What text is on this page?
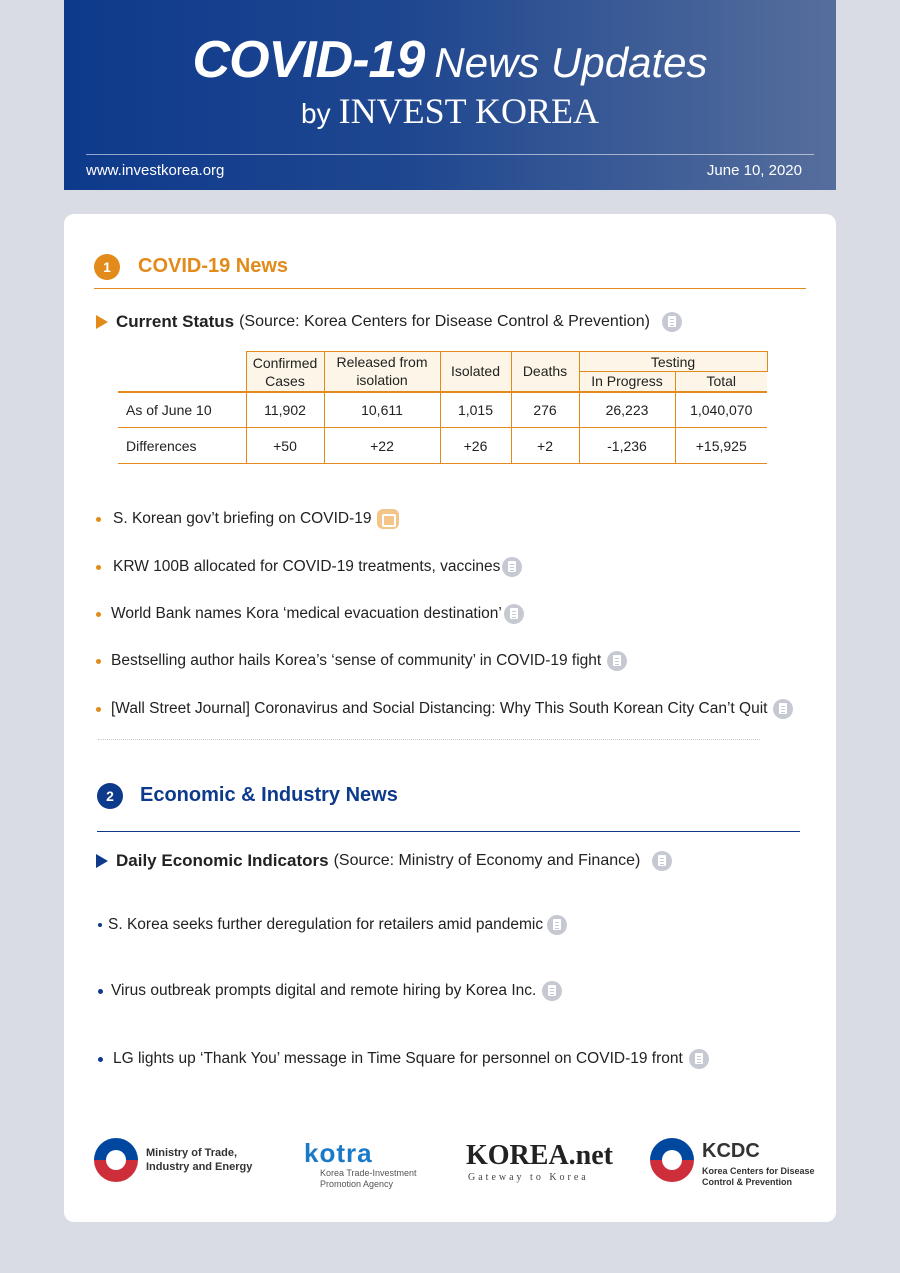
COVID-19 News Updates
by INVEST KOREA
www.investkorea.org	June 10, 2020
1	COVID-19 News
Current Status (Source: Korea Centers for Disease Control & Prevention)
	Confirmed Cases	Released from isolation	Isolated	Deaths	Testing	
					In Progress	Total
As of June 10	11,902	10,611	1,015	276	26,223	1,040,070
Differences	+50	+22	+26	+2	-1,236	+15,925
S. Korean gov’t briefing on COVID-19
KRW 100B allocated for COVID-19 treatments, vaccines
World Bank names Kora ‘medical evacuation destination’
Bestselling author hails Korea’s ‘sense of community’ in COVID-19 fight
[Wall Street Journal] Coronavirus and Social Distancing: Why This South Korean City Can’t Quit
2	Economic & Industry News
Daily Economic Indicators (Source: Ministry of Economy and Finance)
S. Korea seeks further deregulation for retailers amid pandemic
Virus outbreak prompts digital and remote hiring by Korea Inc.
LG lights up ‘Thank You’ message in Time Square for personnel on COVID-19 front
Ministry of Trade,
Industry and Energy kotra
Korea Trade-Investment
Promotion Agency
KOREA.net
Gateway to Korea
KCDC
Korea Centers for Disease
Control & Prevention
